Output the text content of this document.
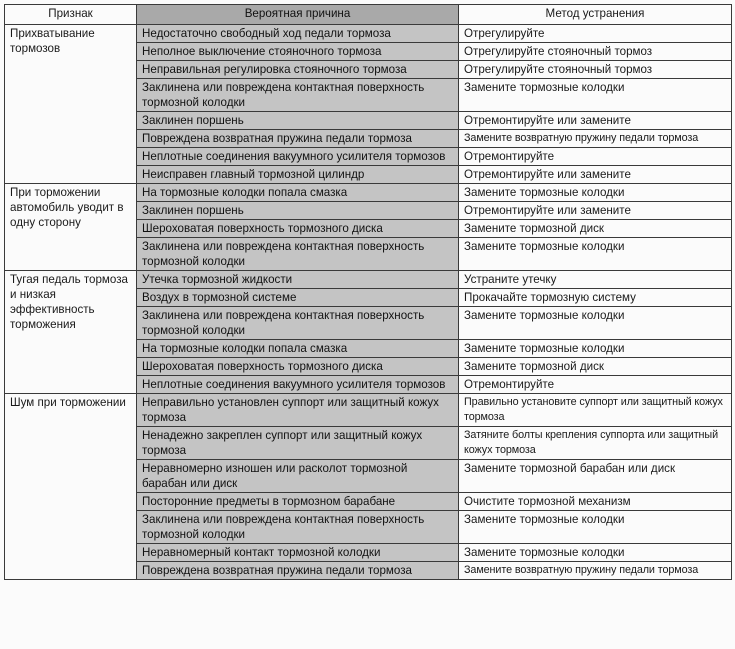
Признак	Вероятная причина	Метод устранения
Прихватывание тормозов	Недостаточно свободный ход педали тормоза	Отрегулируйте
	Неполное выключение стояночного тормоза	Отрегулируйте стояночный тормоз
	Неправильная регулировка стояночного тормоза	Отрегулируйте стояночный тормоз
	Заклинена или повреждена контактная поверхность тормозной колодки	Замените тормозные колодки
	Заклинен поршень	Отремонтируйте или замените
	Повреждена возвратная пружина педали тормоза	Замените возвратную пружину педали тормоза
	Неплотные соединения вакуумного усилителя тормозов	Отремонтируйте
	Неисправен главный тормозной цилиндр	Отремонтируйте или замените
При торможении автомобиль уводит в одну сторону	На тормозные колодки попала смазка	Замените тормозные колодки
	Заклинен поршень	Отремонтируйте или замените
	Шероховатая поверхность тормозного диска	Замените тормозной диск
	Заклинена или повреждена контактная поверхность тормозной колодки	Замените тормозные колодки
Тугая педаль тормоза и низкая эффективность торможения	Утечка тормозной жидкости	Устраните утечку
	Воздух в тормозной системе	Прокачайте тормозную систему
	Заклинена или повреждена контактная поверхность тормозной колодки	Замените тормозные колодки
	На тормозные колодки попала смазка	Замените тормозные колодки
	Шероховатая поверхность тормозного диска	Замените тормозной диск
	Неплотные соединения вакуумного усилителя тормозов	Отремонтируйте
Шум при торможении	Неправильно установлен суппорт или защитный кожух тормоза	Правильно установите суппорт или защитный кожух тормоза
	Ненадежно закреплен суппорт или защитный кожух тормоза	Затяните болты крепления суппорта или защитный кожух тормоза
	Неравномерно изношен или расколот тормозной барабан или диск	Замените тормозной барабан или диск
	Посторонние предметы в тормозном барабане	Очистите тормозной механизм
	Заклинена или повреждена контактная поверхность тормозной колодки	Замените тормозные колодки
	Неравномерный контакт тормозной колодки	Замените тормозные колодки
	Повреждена возвратная пружина педали тормоза	Замените возвратную пружину педали тормоза
